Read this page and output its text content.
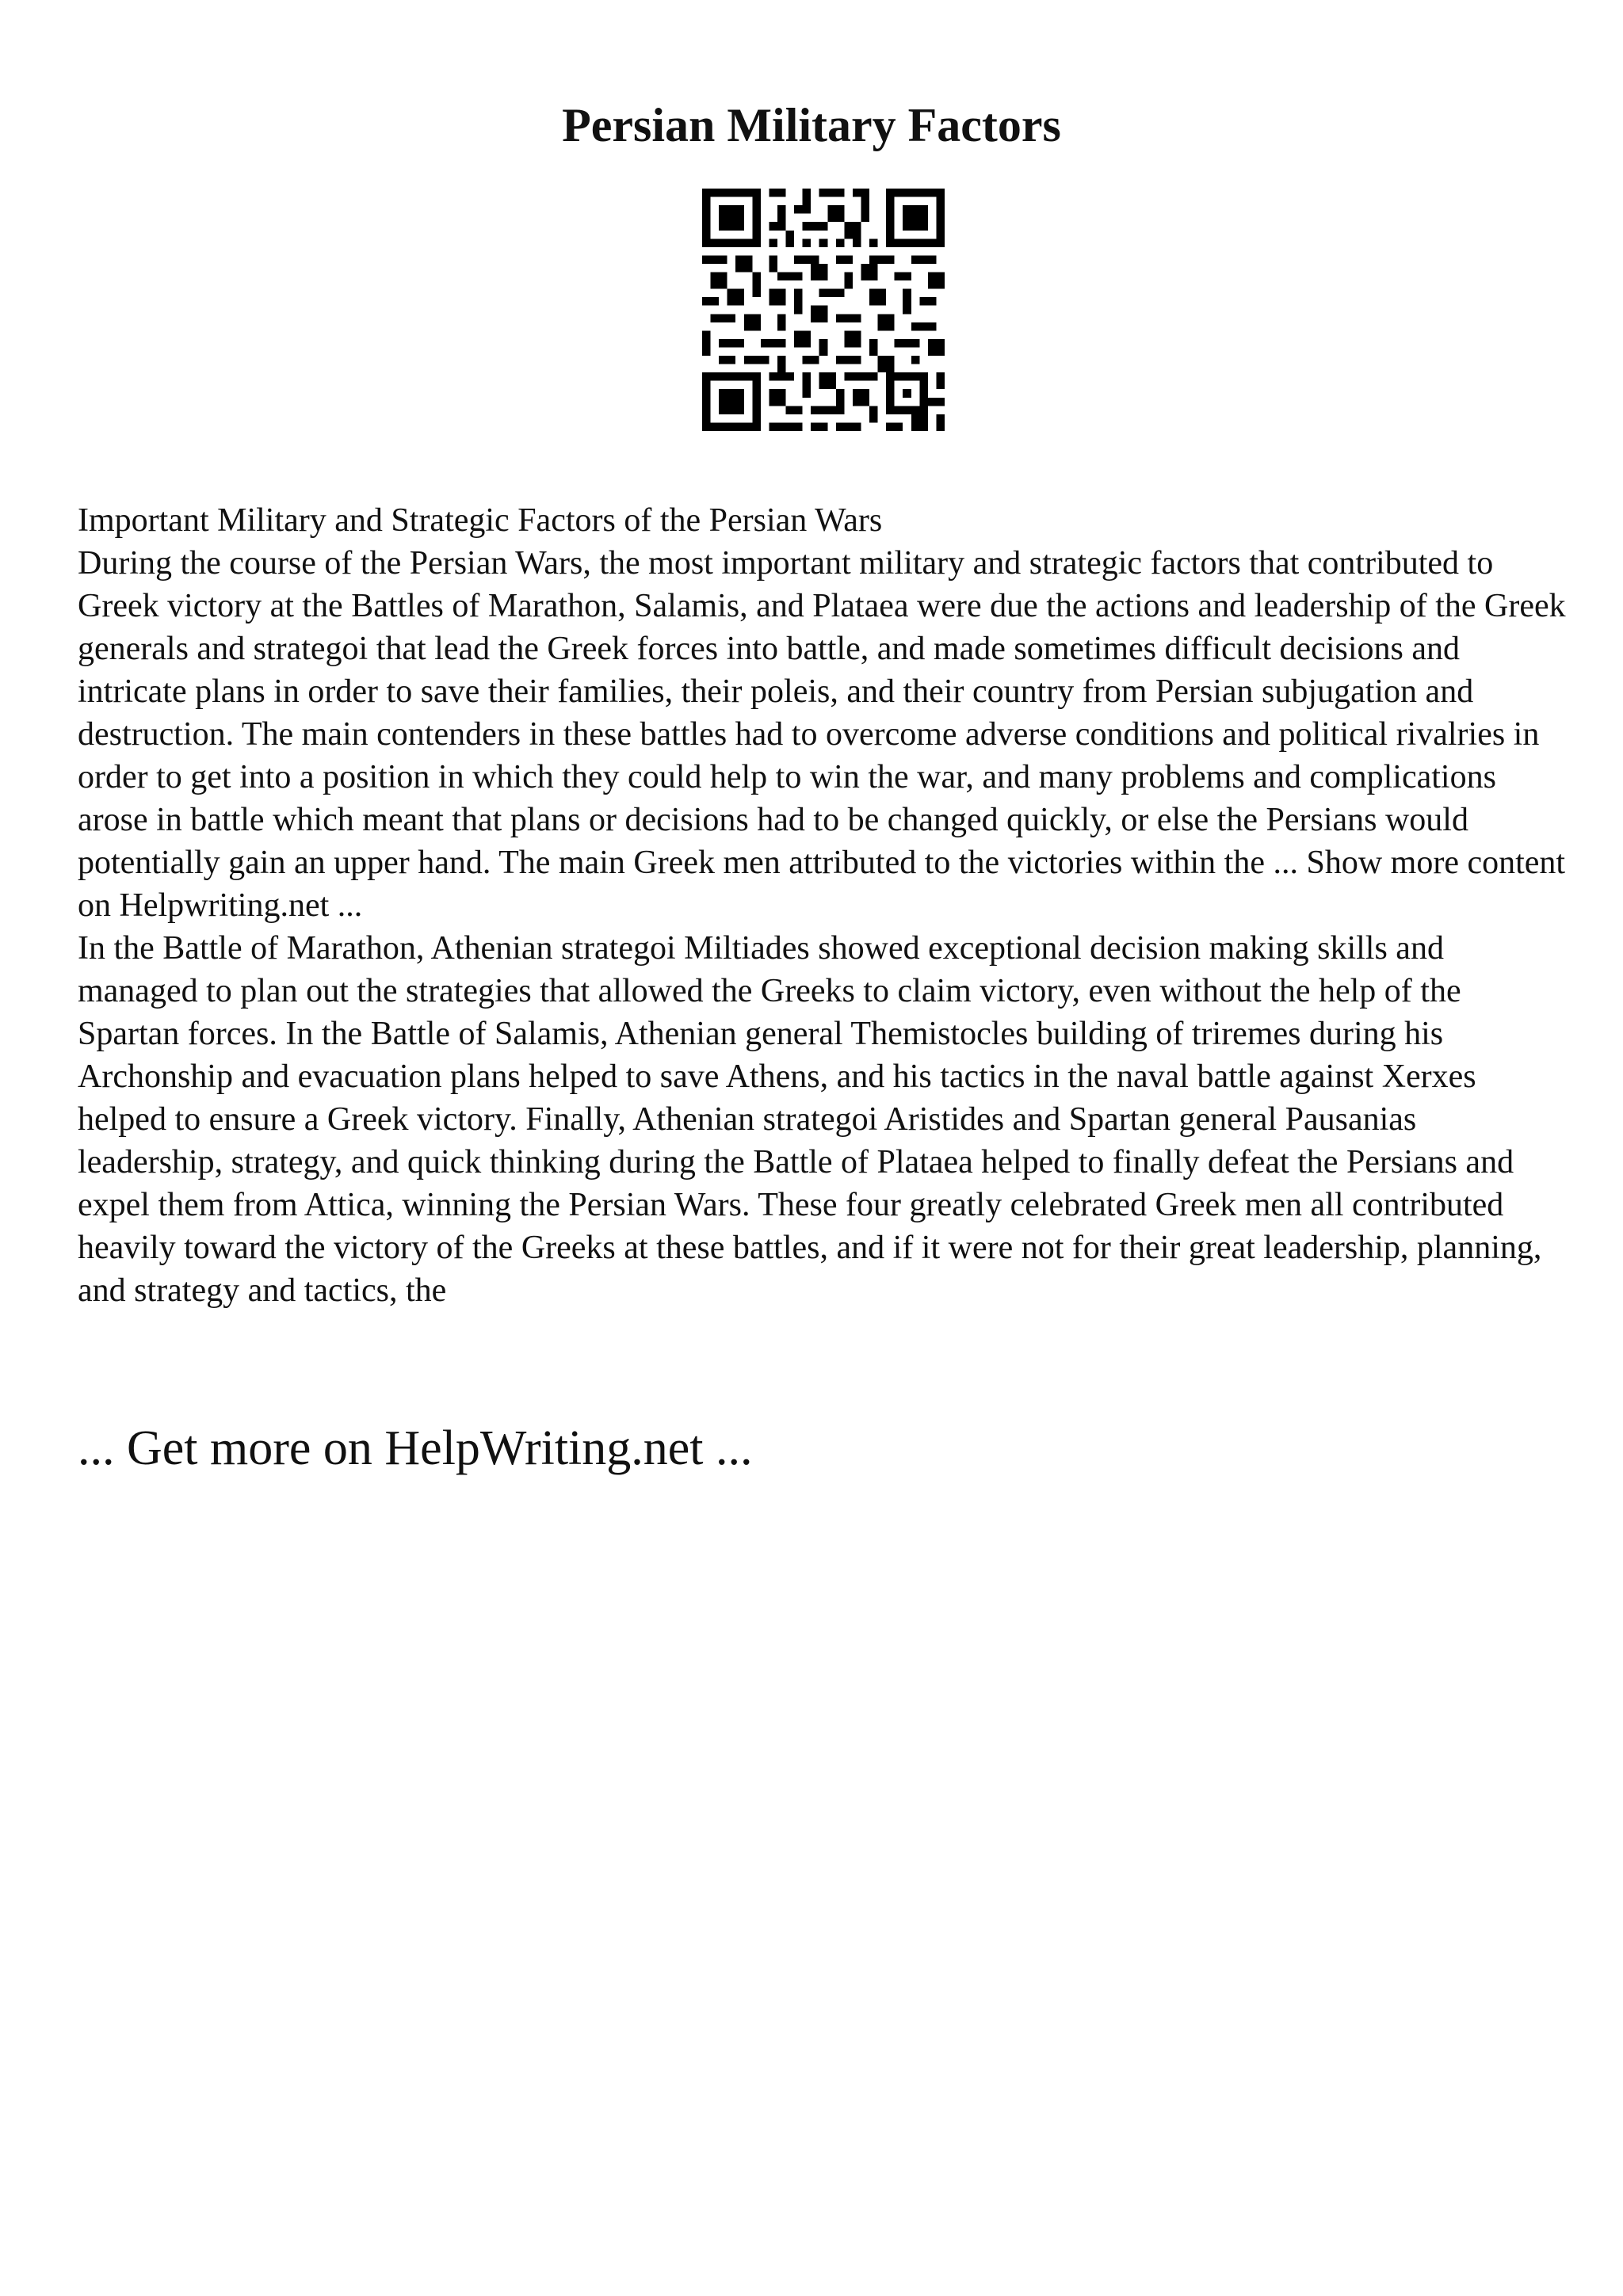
Persian Military Factors

Important Military and Strategic Factors of the Persian Wars

During the course of the Persian Wars, the most important military and strategic factors that contributed to Greek victory at the Battles of Marathon, Salamis, and Plataea were due the actions and leadership of the Greek generals and strategoi that lead the Greek forces into battle, and made sometimes difficult decisions and intricate plans in order to save their families, their poleis, and their country from Persian subjugation and destruction. The main contenders in these battles had to overcome adverse conditions and political rivalries in order to get into a position in which they could help to win the war, and many problems and complications arose in battle which meant that plans or decisions had to be changed quickly, or else the Persians would potentially gain an upper hand. The main Greek men attributed to the victories within the ... Show more content on Helpwriting.net ...

In the Battle of Marathon, Athenian strategoi Miltiades showed exceptional decision making skills and managed to plan out the strategies that allowed the Greeks to claim victory, even without the help of the Spartan forces. In the Battle of Salamis, Athenian general Themistocles building of triremes during his Archonship and evacuation plans helped to save Athens, and his tactics in the naval battle against Xerxes helped to ensure a Greek victory. Finally, Athenian strategoi Aristides and Spartan general Pausanias leadership, strategy, and quick thinking during the Battle of Plataea helped to finally defeat the Persians and expel them from Attica, winning the Persian Wars. These four greatly celebrated Greek men all contributed heavily toward the victory of the Greeks at these battles, and if it were not for their great leadership, planning, and strategy and tactics, the

... Get more on HelpWriting.net ...
